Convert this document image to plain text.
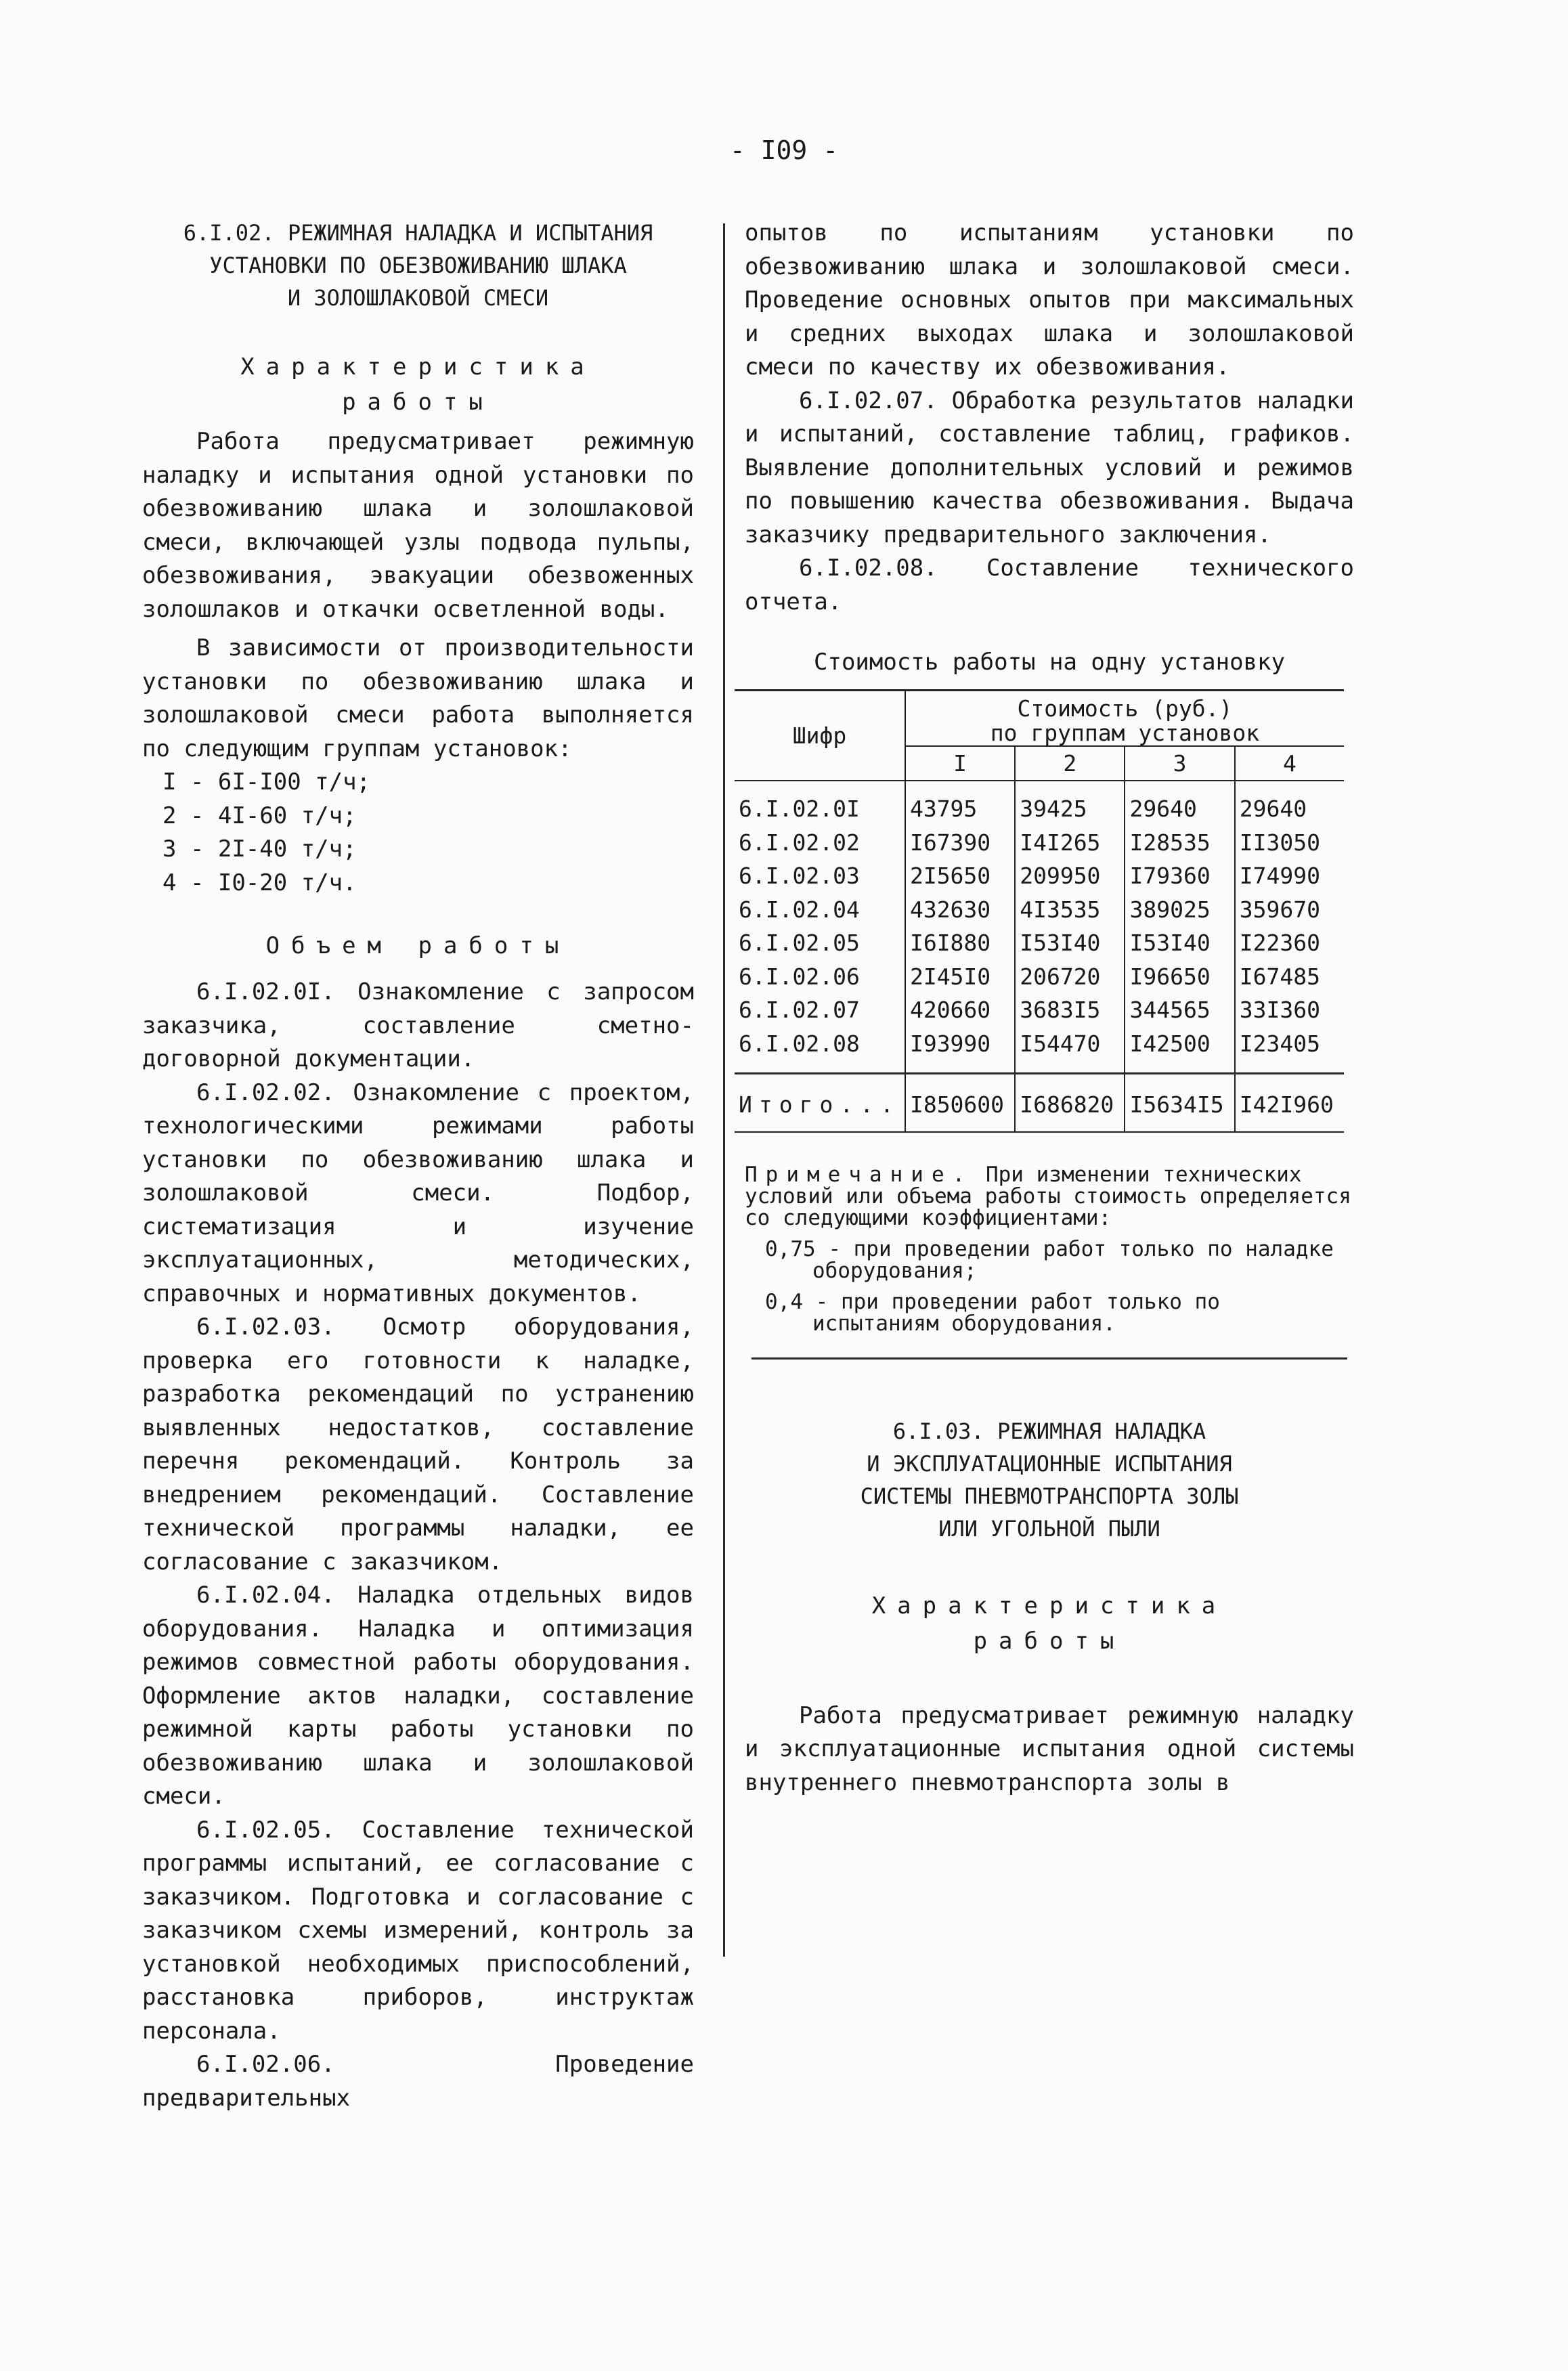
- I09 -
6.I.02. РЕЖИМНАЯ НАЛАДКА И ИСПЫТАНИЯ
УСТАНОВКИ ПО ОБЕЗВОЖИВАНИЮ ШЛАКА
И ЗОЛОШЛАКОВОЙ СМЕСИ
Характеристика
работы

Работа предусматривает режимную наладку и испытания одной установки по обезвоживанию шлака и золошлаковой смеси, включающей узлы подвода пульпы, обезвоживания, эвакуации обезвоженных золошлаков и откачки осветленной воды.

В зависимости от производительности установки по обезвоживанию шлака и золошлаковой смеси работа выполняется по следующим группам установок:

I - 6I-I00 т/ч;
2 - 4I-60 т/ч;
3 - 2I-40 т/ч;
4 - I0-20 т/ч.
Объем работы

6.I.02.0I. Ознакомление с запросом заказчика, составление сметно-договорной документации.

6.I.02.02. Ознакомление с проектом, технологическими режимами работы установки по обезвоживанию шлака и золошлаковой смеси. Подбор, систематизация и изучение эксплуатационных, методических, справочных и нормативных документов.

6.I.02.03. Осмотр оборудования, проверка его готовности к наладке, разработка рекомендаций по устранению выявленных недостатков, составление перечня рекомендаций. Контроль за внедрением рекомендаций. Составление технической программы наладки, ее согласование с заказчиком.

6.I.02.04. Наладка отдельных видов оборудования. Наладка и оптимизация режимов совместной работы оборудования. Оформление актов наладки, составление режимной карты работы установки по обезвоживанию шлака и золошлаковой смеси.

6.I.02.05. Составление технической программы испытаний, ее согласование с заказчиком. Подготовка и согласование с заказчиком схемы измерений, контроль за установкой необходимых приспособлений, расстановка приборов, инструктаж персонала.

6.I.02.06. Проведение предварительных

опытов по испытаниям установки по обезвоживанию шлака и золошлаковой смеси. Проведение основных опытов при максимальных и средних выходах шлака и золошлаковой смеси по качеству их обезвоживания.

6.I.02.07. Обработка результатов наладки и испытаний, составление таблиц, графиков. Выявление дополнительных условий и режимов по повышению качества обезвоживания. Выдача заказчику предварительного заключения.

6.I.02.08. Составление технического отчета.

Стоимость работы на одну установку
Шифр	Стоимость (руб.)
по группам установок			

	I	2	3	4
6.I.02.0I	43795	39425	29640	29640
6.I.02.02	I67390	I4I265	I28535	II3050
6.I.02.03	2I5650	209950	I79360	I74990
6.I.02.04	432630	4I3535	389025	359670
6.I.02.05	I6I880	I53I40	I53I40	I22360
6.I.02.06	2I45I0	206720	I96650	I67485
6.I.02.07	420660	3683I5	344565	33I360
6.I.02.08	I93990	I54470	I42500	I23405
Итого...	I850600	I686820	I5634I5	I42I960

Примечание. При изменении технических условий или объема работы стоимость определяется со следующими коэффициентами:

0,75 - при проведении работ только по наладке оборудования;

0,4 - при проведении работ только по испытаниям оборудования.

6.I.03. РЕЖИМНАЯ НАЛАДКА
И ЭКСПЛУАТАЦИОННЫЕ ИСПЫТАНИЯ
СИСТЕМЫ ПНЕВМОТРАНСПОРТА ЗОЛЫ
ИЛИ УГОЛЬНОЙ ПЫЛИ
Характеристика
работы

Работа предусматривает режимную наладку и эксплуатационные испытания одной системы внутреннего пневмотранспорта золы в
